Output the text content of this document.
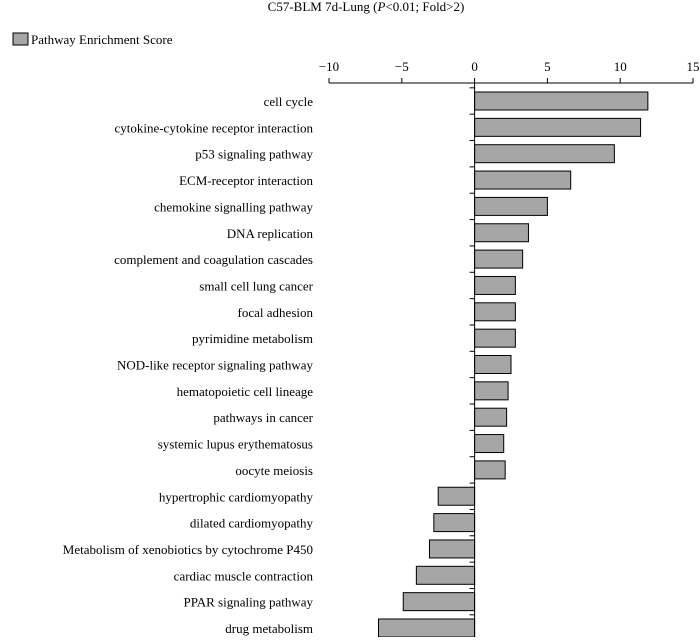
C57-BLM 7d-Lung (P<0.01; Fold>2)
Pathway Enrichment Score
−10	−5	0	5	10	15
cell cycle
cytokine-cytokine receptor interaction
p53 signaling pathway
ECM-receptor interaction
chemokine signalling pathway
DNA replication
complement and coagulation cascades
small cell lung cancer
focal adhesion
pyrimidine metabolism
NOD-like receptor signaling pathway
hematopoietic cell lineage
pathways in cancer
systemic lupus erythematosus
oocyte meiosis
hypertrophic cardiomyopathy
dilated cardiomyopathy
Metabolism of xenobiotics by cytochrome P450
cardiac muscle contraction
PPAR signaling pathway
drug metabolism
